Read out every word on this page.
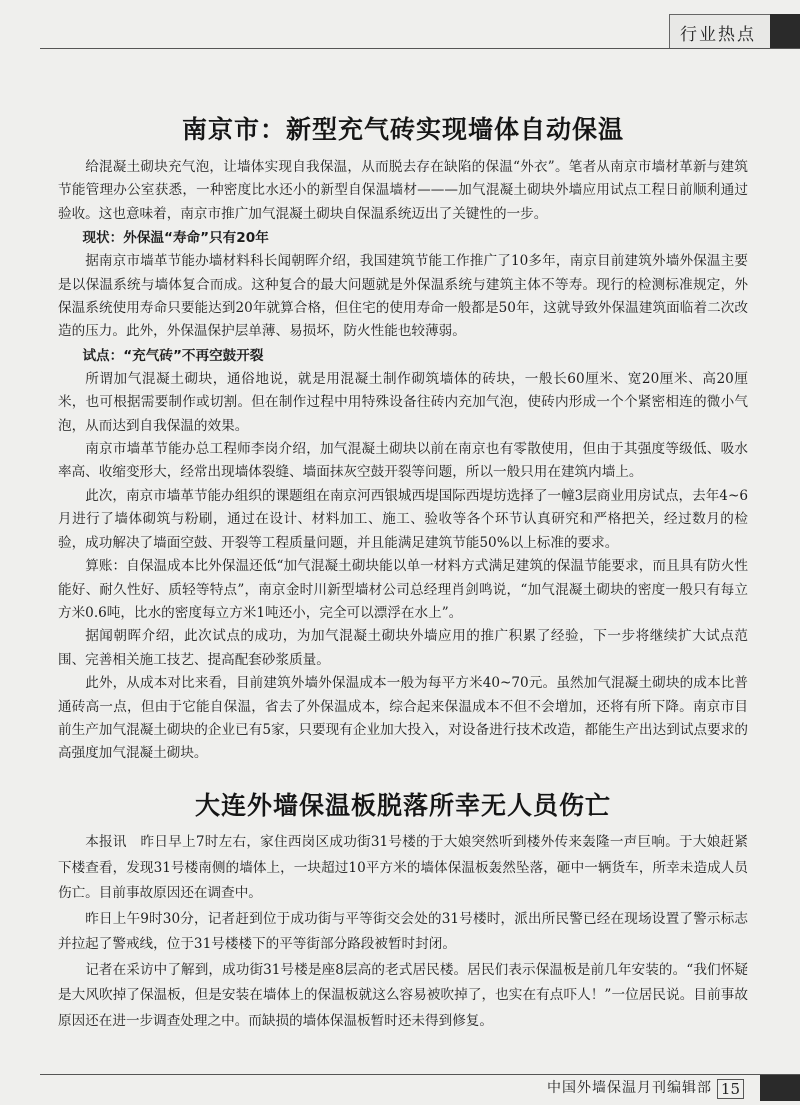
行业热点
南京市：新型充气砖实现墙体自动保温

给混凝土砌块充气泡，让墙体实现自我保温，从而脱去存在缺陷的保温“外衣”。笔者从南京市墙材革新与建筑节能管理办公室获悉，一种密度比水还小的新型自保温墙材———加气混凝土砌块外墙应用试点工程日前顺利通过验收。这也意味着，南京市推广加气混凝土砌块自保温系统迈出了关键性的一步。

现状：外保温“寿命”只有20年

据南京市墙革节能办墙材料科长闻朝晖介绍，我国建筑节能工作推广了10多年，南京目前建筑外墙外保温主要是以保温系统与墙体复合而成。这种复合的最大问题就是外保温系统与建筑主体不等寿。现行的检测标准规定，外保温系统使用寿命只要能达到20年就算合格，但住宅的使用寿命一般都是50年，这就导致外保温建筑面临着二次改造的压力。此外，外保温保护层单薄、易损坏，防火性能也较薄弱。

试点：“充气砖”不再空鼓开裂

所谓加气混凝土砌块，通俗地说，就是用混凝土制作砌筑墙体的砖块，一般长60厘米、宽20厘米、高20厘米，也可根据需要制作或切割。但在制作过程中用特殊设备往砖内充加气泡，使砖内形成一个个紧密相连的微小气泡，从而达到自我保温的效果。

南京市墙革节能办总工程师李岗介绍，加气混凝土砌块以前在南京也有零散使用，但由于其强度等级低、吸水率高、收缩变形大，经常出现墙体裂缝、墙面抹灰空鼓开裂等问题，所以一般只用在建筑内墙上。

此次，南京市墙革节能办组织的课题组在南京河西银城西堤国际西堤坊选择了一幢3层商业用房试点，去年4~6月进行了墙体砌筑与粉刷，通过在设计、材料加工、施工、验收等各个环节认真研究和严格把关，经过数月的检验，成功解决了墙面空鼓、开裂等工程质量问题，并且能满足建筑节能50%以上标准的要求。

算账：自保温成本比外保温还低“加气混凝土砌块能以单一材料方式满足建筑的保温节能要求，而且具有防火性能好、耐久性好、质轻等特点”，南京金时川新型墙材公司总经理肖剑鸣说，“加气混凝土砌块的密度一般只有每立方米0.6吨，比水的密度每立方米1吨还小，完全可以漂浮在水上”。

据闻朝晖介绍，此次试点的成功，为加气混凝土砌块外墙应用的推广积累了经验，下一步将继续扩大试点范围、完善相关施工技艺、提高配套砂浆质量。

此外，从成本对比来看，目前建筑外墙外保温成本一般为每平方米40~70元。虽然加气混凝土砌块的成本比普通砖高一点，但由于它能自保温，省去了外保温成本，综合起来保温成本不但不会增加，还将有所下降。南京市目前生产加气混凝土砌块的企业已有5家，只要现有企业加大投入，对设备进行技术改造，都能生产出达到试点要求的高强度加气混凝土砌块。

大连外墙保温板脱落所幸无人员伤亡

本报讯　昨日早上7时左右，家住西岗区成功街31号楼的于大娘突然听到楼外传来轰隆一声巨响。于大娘赶紧下楼查看，发现31号楼南侧的墙体上，一块超过10平方米的墙体保温板轰然坠落，砸中一辆货车，所幸未造成人员伤亡。目前事故原因还在调查中。

昨日上午9时30分，记者赶到位于成功街与平等街交会处的31号楼时，派出所民警已经在现场设置了警示标志并拉起了警戒线，位于31号楼楼下的平等街部分路段被暂时封闭。

记者在采访中了解到，成功街31号楼是座8层高的老式居民楼。居民们表示保温板是前几年安装的。“我们怀疑是大风吹掉了保温板，但是安装在墙体上的保温板就这么容易被吹掉了，也实在有点吓人！”一位居民说。目前事故原因还在进一步调查处理之中。而缺损的墙体保温板暂时还未得到修复。

中国外墙保温月刊编辑部 15
